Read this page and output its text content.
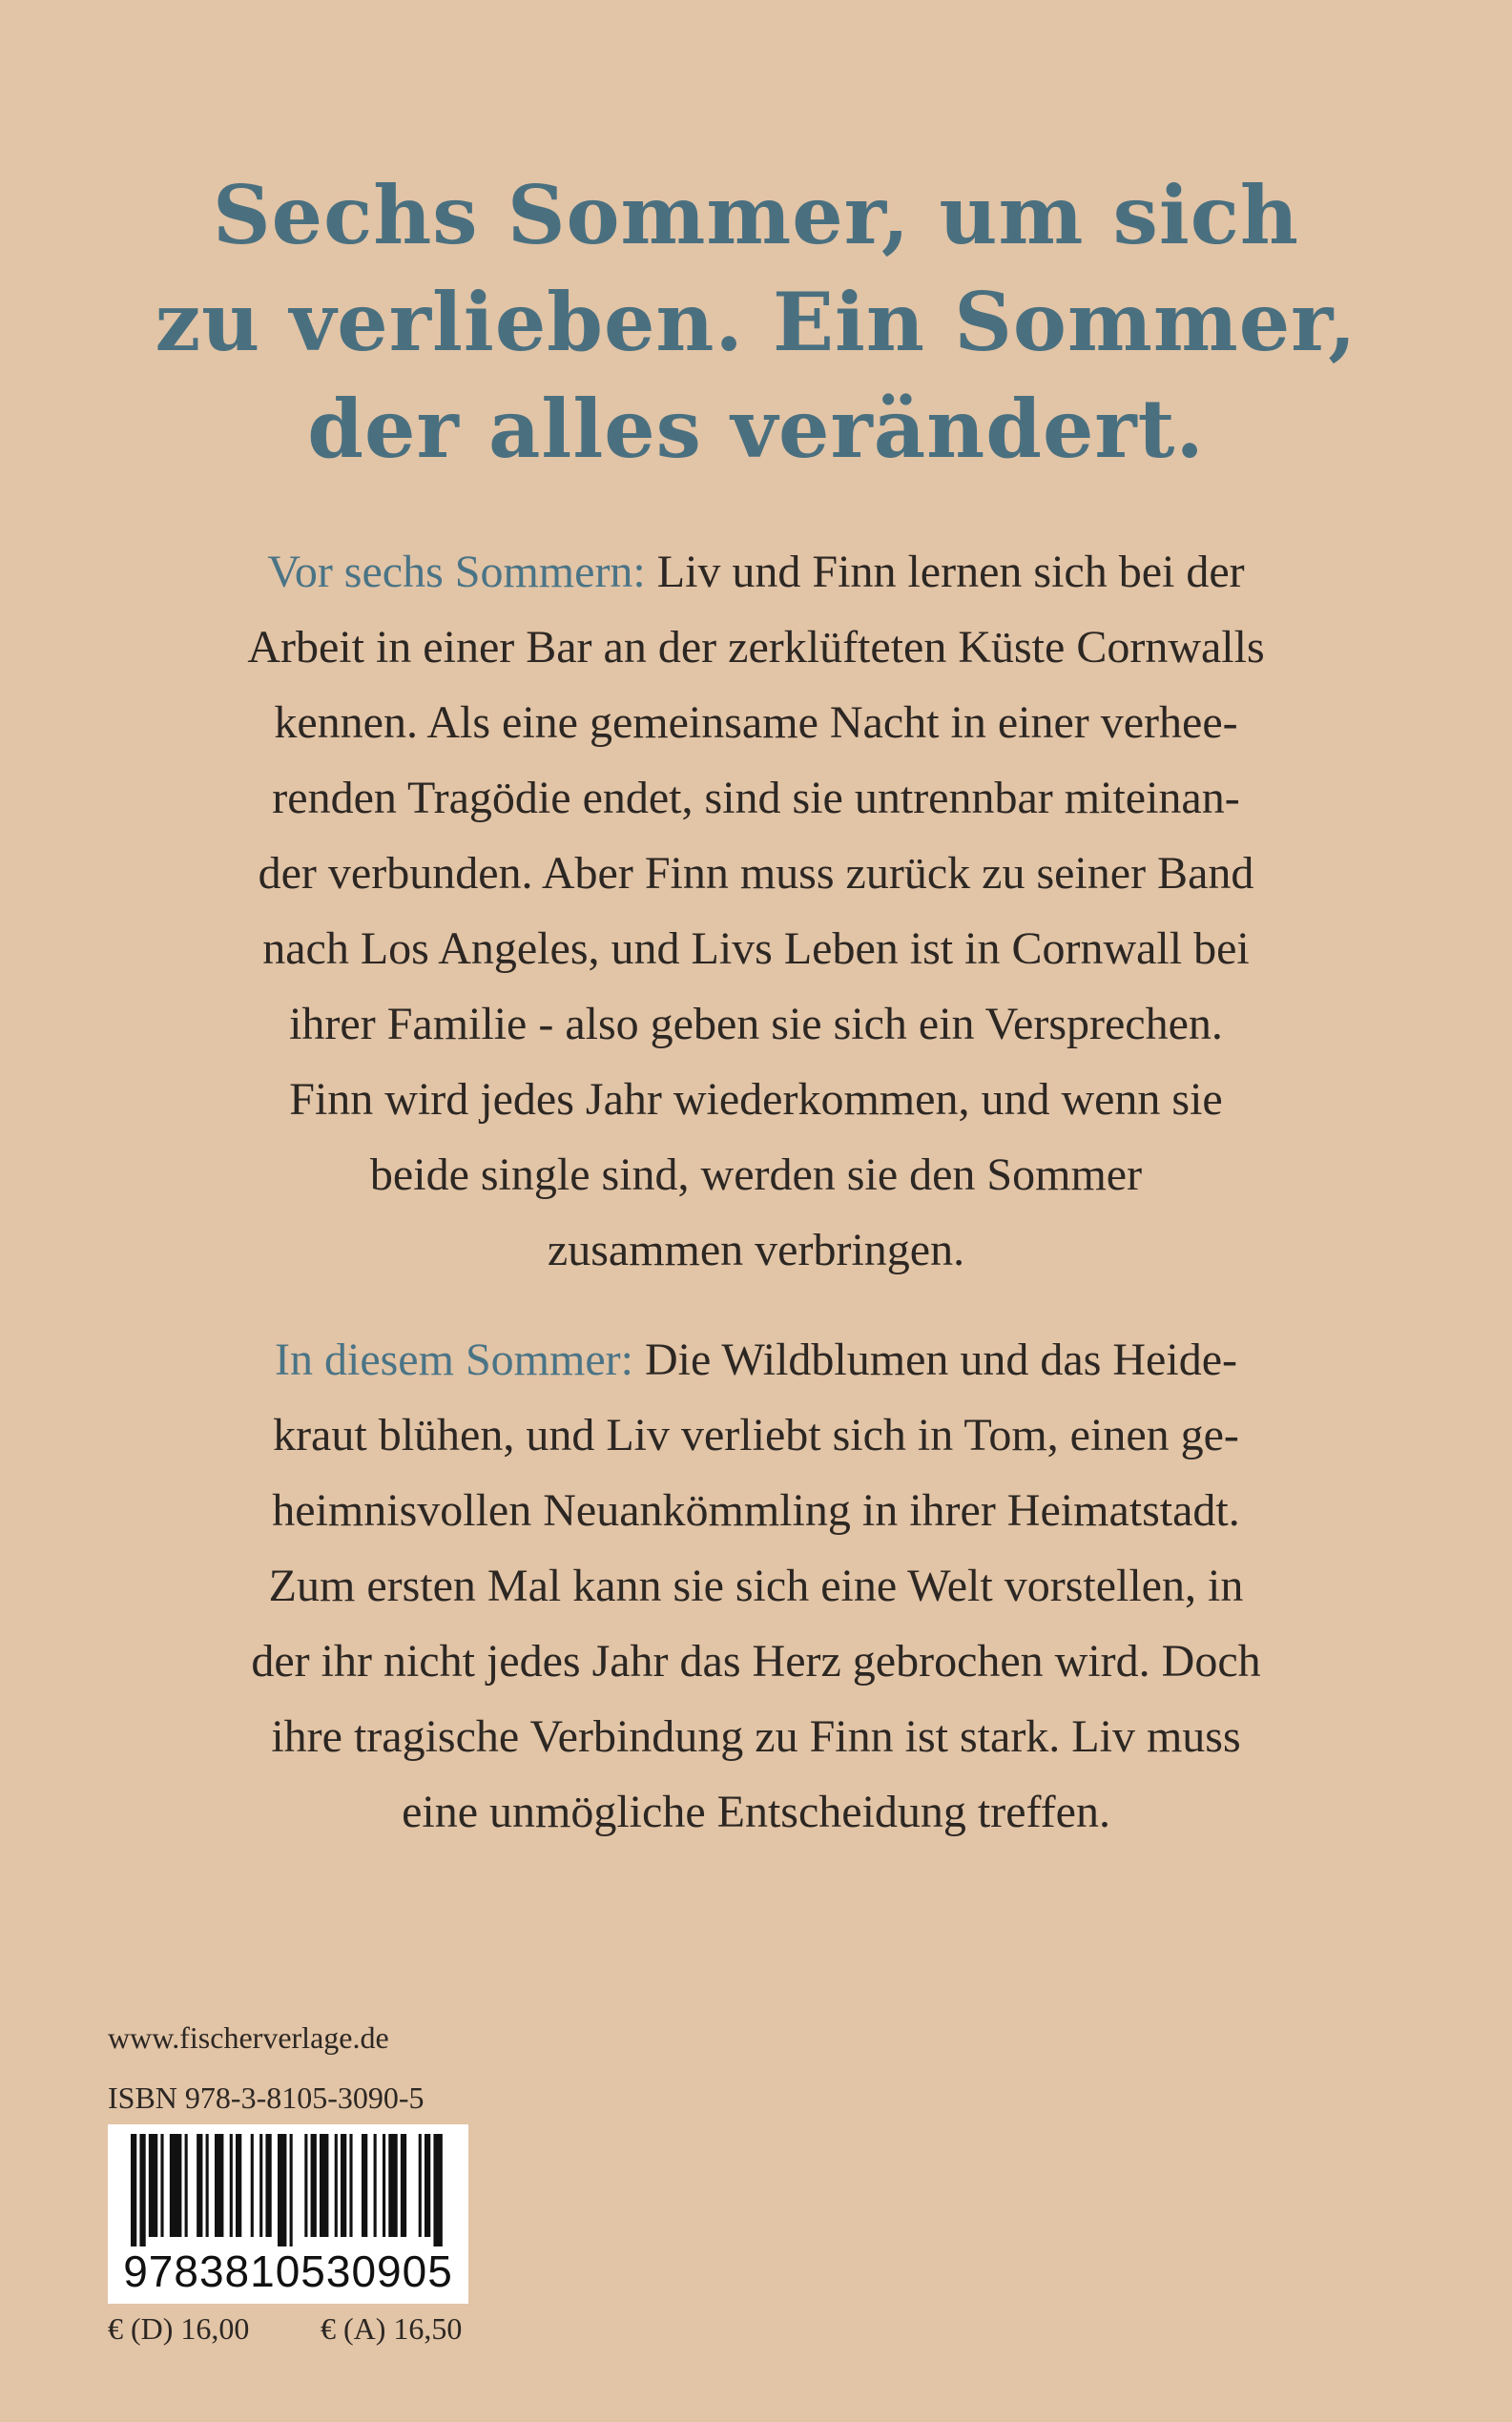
Sechs Sommer, um sich
zu verlieben. Ein Sommer,
der alles verändert.
Vor sechs Sommern: Liv und Finn lernen sich bei der
Arbeit in einer Bar an der zerklüfteten Küste Cornwalls
kennen. Als eine gemeinsame Nacht in einer verhee-
renden Tragödie endet, sind sie untrennbar miteinan-
der verbunden. Aber Finn muss zurück zu seiner Band
nach Los Angeles, und Livs Leben ist in Cornwall bei
ihrer Familie - also geben sie sich ein Versprechen.
Finn wird jedes Jahr wiederkommen, und wenn sie
beide single sind, werden sie den Sommer
zusammen verbringen.
In diesem Sommer: Die Wildblumen und das Heide-
kraut blühen, und Liv verliebt sich in Tom, einen ge-
heimnisvollen Neuankömmling in ihrer Heimatstadt.
Zum ersten Mal kann sie sich eine Welt vorstellen, in
der ihr nicht jedes Jahr das Herz gebrochen wird. Doch
ihre tragische Verbindung zu Finn ist stark. Liv muss
eine unmögliche Entscheidung treffen.
www.fischerverlage.de
ISBN 978-3-8105-3090-5
9783810530905
€ (D) 16,00 € (A) 16,50
